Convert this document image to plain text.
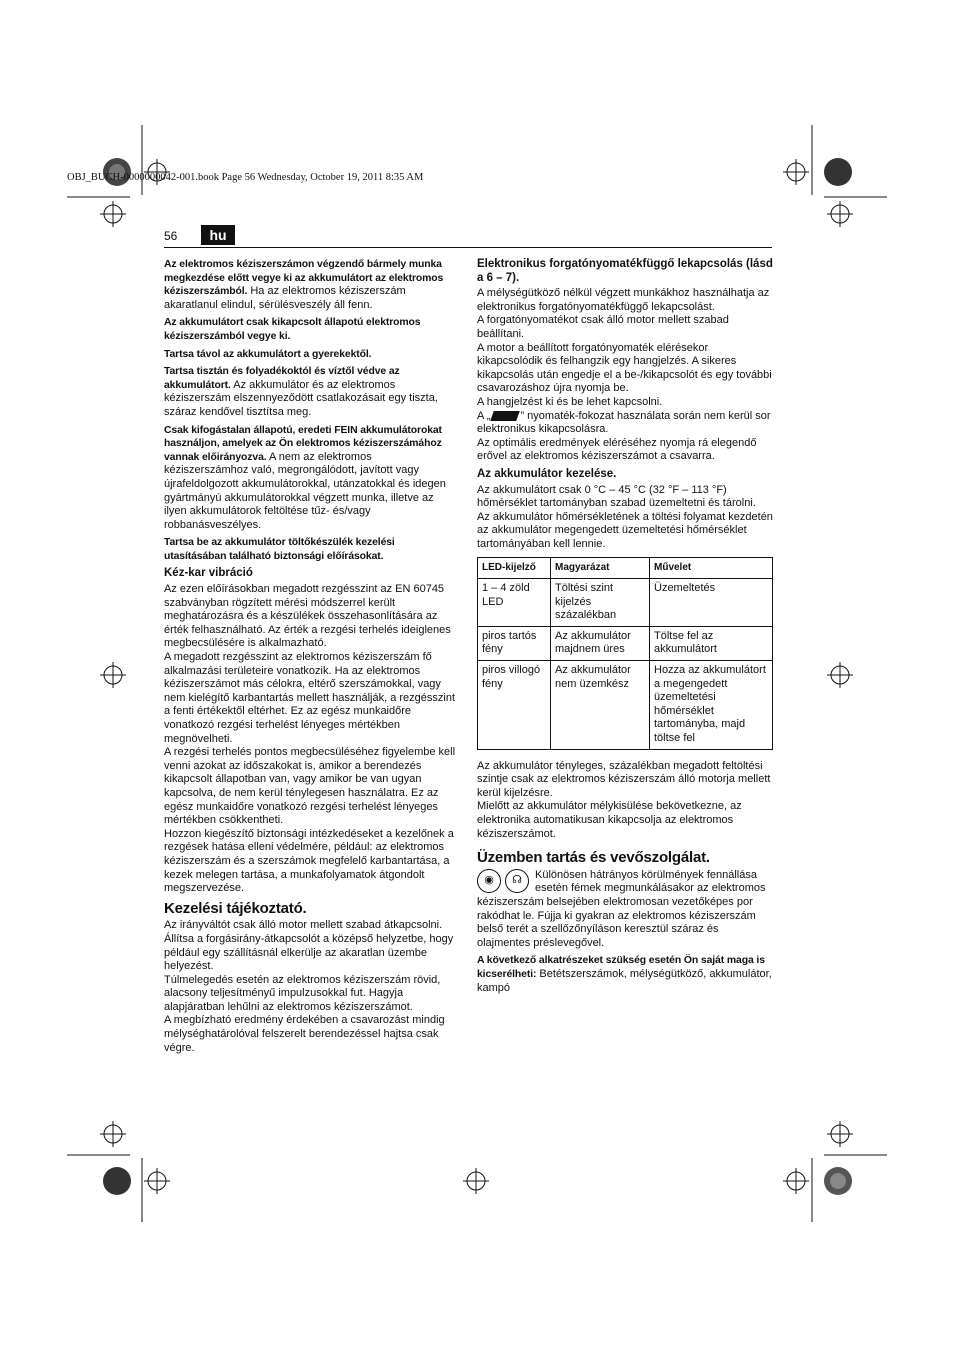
OBJ_BUCH-0000000042-001.book Page 56 Wednesday, October 19, 2011 8:35 AM
56	hu

Az elektromos kéziszerszámon végzendő bármely munka megkezdése előtt vegye ki az akkumulátort az elektromos kéziszerszámból. Ha az elektromos kéziszerszám akaratlanul elindul, sérülésveszély áll fenn.

Az akkumulátort csak kikapcsolt állapotú elektromos kéziszerszámból vegye ki.

Tartsa távol az akkumulátort a gyerekektől.

Tartsa tisztán és folyadékoktól és víztől védve az akkumulátort. Az akkumulátor és az elektromos kéziszerszám elszennyeződött csatlakozásait egy tiszta, száraz kendővel tisztítsa meg.

Csak kifogástalan állapotú, eredeti FEIN akkumulátorokat használjon, amelyek az Ön elektromos kéziszerszámához vannak előirányozva. A nem az elektromos kéziszerszámhoz való, megrongálódott, javított vagy újrafeldolgozott akkumulátorokkal, utánzatokkal és idegen gyártmányú akkumulátorokkal végzett munka, illetve az ilyen akkumulátorok feltöltése tűz- és/vagy robbanásveszélyes.

Tartsa be az akkumulátor töltőkészülék kezelési utasításában található biztonsági előírásokat.

Kéz-kar vibráció

Az ezen előírásokban megadott rezgésszint az EN 60745 szabványban rögzített mérési módszerrel került meghatározásra és a készülékek összehasonlítására az érték felhasználható. Az érték a rezgési terhelés ideiglenes megbecsülésére is alkalmazható.

A megadott rezgésszint az elektromos kéziszerszám fő alkalmazási területeire vonatkozik. Ha az elektromos kéziszerszámot más célokra, eltérő szerszámokkal, vagy nem kielégítő karbantartás mellett használják, a rezgésszint a fenti értékektől eltérhet. Ez az egész munkaidőre vonatkozó rezgési terhelést lényeges mértékben megnövelheti.

A rezgési terhelés pontos megbecsüléséhez figyelembe kell venni azokat az időszakokat is, amikor a berendezés kikapcsolt állapotban van, vagy amikor be van ugyan kapcsolva, de nem kerül ténylegesen használatra. Ez az egész munkaidőre vonatkozó rezgési terhelést lényeges mértékben csökkentheti.

Hozzon kiegészítő biztonsági intézkedéseket a kezelőnek a rezgések hatása elleni védelmére, például: az elektromos kéziszerszám és a szerszámok megfelelő karbantartása, a kezek melegen tartása, a munkafolyamatok átgondolt megszervezése.

Kezelési tájékoztató.

Az irányváltót csak álló motor mellett szabad átkapcsolni.

Állítsa a forgásirány-átkapcsolót a középső helyzetbe, hogy például egy szállításnál elkerülje az akaratlan üzembe helyezést.

Túlmelegedés esetén az elektromos kéziszerszám rövid, alacsony teljesítményű impulzusokkal fut. Hagyja alapjáratban lehűlni az elektromos kéziszerszámot.

A megbízható eredmény érdekében a csavarozást mindig mélységhatárolóval felszerelt berendezéssel hajtsa csak végre.

Elektronikus forgatónyomatékfüggő lekapcsolás (lásd a 6 – 7).

A mélységütköző nélkül végzett munkákhoz használhatja az elektronikus forgatónyomatékfüggő lekapcsolást.

A forgatónyomatékot csak álló motor mellett szabad beállítani.

A motor a beállított forgatónyomaték elérésekor kikapcsolódik és felhangzik egy hangjelzés. A sikeres kikapcsolás után engedje el a be-/kikapcsolót és egy további csavarozáshoz újra nyomja be.

A hangjelzést ki és be lehet kapcsolni.

A „	” nyomaték-fokozat használata során nem kerül sor elektronikus kikapcsolásra.

Az optimális eredmények eléréséhez nyomja rá elegendő erővel az elektromos kéziszerszámot a csavarra.

Az akkumulátor kezelése.

Az akkumulátort csak 0 °C – 45 °C (32 °F – 113 °F) hőmérséklet tartományban szabad üzemeltetni és tárolni.

Az akkumulátor hőmérsékletének a töltési folyamat kezdetén az akkumulátor megengedett üzemeltetési hőmérséklet tartományában kell lennie.

LED-kijelző	Magyarázat	Művelet
1 – 4 zöld LED	Töltési szint kijelzés százalékban	Üzemeltetés
piros tartós fény	Az akkumulátor majdnem üres	Töltse fel az akkumulátort
piros villogó fény	Az akkumulátor nem üzemkész	Hozza az akkumulátort a megengedett üzemeltetési hőmérséklet tartományba, majd töltse fel

Az akkumulátor tényleges, százalékban megadott feltöltési szintje csak az elektromos kéziszerszám álló motorja mellett kerül kijelzésre.

Mielőtt az akkumulátor mélykisülése bekövetkezne, az elektronika automatikusan kikapcsolja az elektromos kéziszerszámot.

Üzemben tartás és vevőszolgálat.

◉	☊	Különösen hátrányos körülmények fennállása esetén fémek megmunkálásakor az elektromos kéziszerszám belsejében elektromosan vezetőképes por rakódhat le. Fújja ki gyakran az elektromos kéziszerszám belső terét a szellőzőnyíláson keresztül száraz és olajmentes préslevegővel.

A következő alkatrészeket szükség esetén Ön saját maga is kicserélheti: Betétszerszámok, mélységütköző, akkumulátor, kampó
